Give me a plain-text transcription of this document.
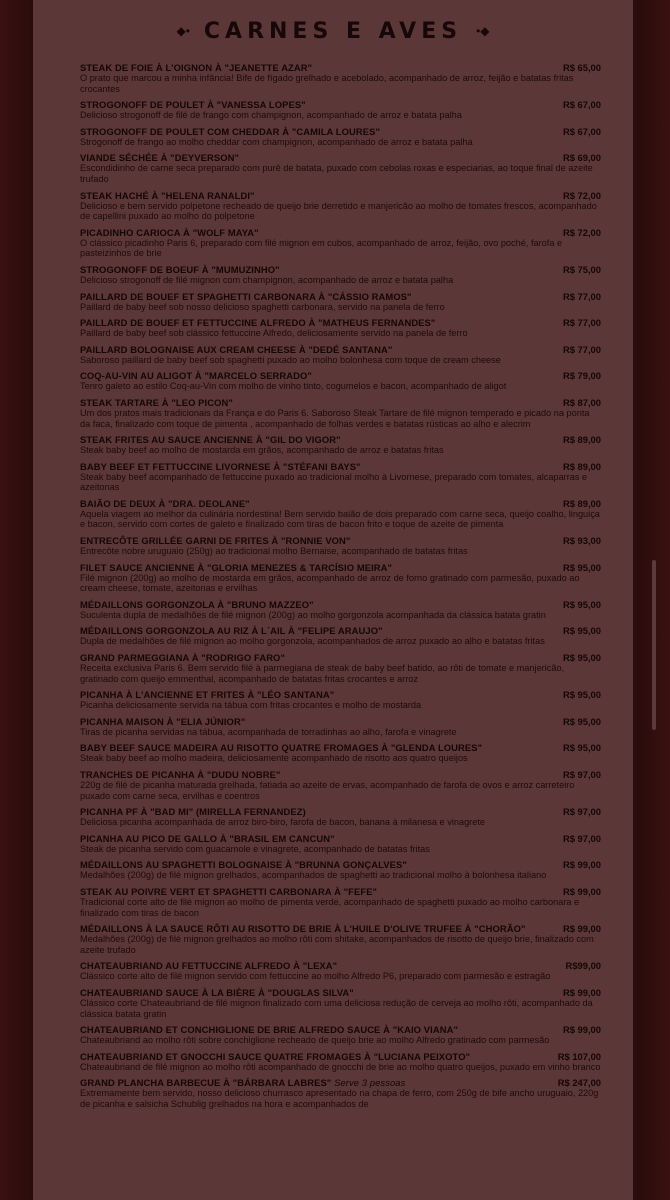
◆• CARNES E AVES •◆
STEAK DE FOIE À L'OIGNON À "JEANETTE AZAR"	R$ 65,00
O prato que marcou a minha infância! Bife de fígado grelhado e acebolado, acompanhado de arroz, feijão e batatas fritas crocantes
STROGONOFF DE POULET À "VANESSA LOPES"	R$ 67,00
Delicioso strogonoff de filé de frango com champignon, acompanhado de arroz e batata palha
STROGONOFF DE POULET COM CHEDDAR À "CAMILA LOURES"	R$ 67,00
Strogonoff de frango ao molho cheddar com champignon, acompanhado de arroz e batata palha
VIANDE SÉCHÉE À "DEYVERSON"	R$ 69,00
Escondidinho de carne seca preparado com purê de batata, puxado com cebolas roxas e especiarias, ao toque final de azeite trufado
STEAK HACHÉ À "HELENA RANALDI"	R$ 72,00
Delicioso e bem servido polpetone recheado de queijo brie derretido e manjericão ao molho de tomates frescos, acompanhado de capellini puxado ao molho do polpetone
PICADINHO CARIOCA À "WOLF MAYA"	R$ 72,00
O clássico picadinho Paris 6, preparado com filé mignon em cubos, acompanhado de arroz, feijão, ovo poché, farofa e pasteizinhos de brie
STROGONOFF DE BOEUF À "MUMUZINHO"	R$ 75,00
Delicioso strogonoff de filé mignon com champignon, acompanhado de arroz e batata palha
PAILLARD DE BOUEF ET SPAGHETTI CARBONARA À "CÁSSIO RAMOS"	R$ 77,00
Paillard de baby beef sob nosso delicioso spaghetti carbonara, servido na panela de ferro
PAILLARD DE BOUEF ET FETTUCCINE ALFREDO À "MATHEUS FERNANDES"	R$ 77,00
Paillard de baby beef sob clássico fettuccine Alfredo, deliciosamente servido na panela de ferro
PAILLARD BOLOGNAISE AUX CREAM CHEESE À "DEDÉ SANTANA"	R$ 77,00
Saboroso paillard de baby beef sob spaghetti puxado ao molho bolonhesa com toque de cream cheese
COQ-AU-VIN AU ALIGOT À "MARCELO SERRADO"	R$ 79,00
Tenro galeto ao estilo Coq-au-Vin com molho de vinho tinto, cogumelos e bacon, acompanhado de aligot
STEAK TARTARE À "LEO PICON"	R$ 87,00
Um dos pratos mais tradicionais da França e do Paris 6. Saboroso Steak Tartare de filé mignon temperado e picado na ponta da faca, finalizado com toque de pimenta , acompanhado de folhas verdes e batatas rústicas ao alho e alecrim
STEAK FRITES AU SAUCE ANCIENNE À "GIL DO VIGOR"	R$ 89,00
Steak baby beef ao molho de mostarda em grãos, acompanhado de arroz e batatas fritas
BABY BEEF ET FETTUCCINE LIVORNESE À "STÉFANI BAYS"	R$ 89,00
Steak baby beef acompanhado de fettuccine puxado ao tradicional molho à Livornese, preparado com tomates, alcaparras e azeitonas
BAIÃO DE DEUX À "DRA. DEOLANE"	R$ 89,00
Aquela viagem ao melhor da culinária nordestina! Bem servido baião de dois preparado com carne seca, queijo coalho, linguiça e bacon, servido com cortes de galeto e finalizado com tiras de bacon frito e toque de azeite de pimenta
ENTRECÔTE GRILLÉE GARNI DE FRITES À "RONNIE VON"	R$ 93,00
Entrecôte nobre uruguaio (250g) ao tradicional molho Bernaise, acompanhado de batatas fritas
FILET SAUCE ANCIENNE À "GLORIA MENEZES & TARCÍSIO MEIRA"	R$ 95,00
Filé mignon (200g) ao molho de mostarda em grãos, acompanhado de arroz de forno gratinado com parmesão, puxado ao cream cheese, tomate, azeitonas e ervilhas
MÉDAILLONS GORGONZOLA À "BRUNO MAZZEO"	R$ 95,00
Suculenta dupla de medalhões de filé mignon (200g) ao molho gorgonzola acompanhada da clássica batata gratin
MÉDAILLONS GORGONZOLA AU RIZ À L´AIL À "FELIPE ARAUJO"	R$ 95,00
Dupla de medalhões de filé mignon ao molho gorgonzola, acompanhados de arroz puxado ao alho e batatas fritas
GRAND PARMEGGIANA À "RODRIGO FARO"	R$ 95,00
Receita exclusiva Paris 6. Bem servido filé à parmegiana de steak de baby beef batido, ao rôti de tomate e manjericão, gratinado com queijo emmenthal, acompanhado de batatas fritas crocantes e arroz
PICANHA À L'ANCIENNE ET FRITES À "LÉO SANTANA"	R$ 95,00
Picanha deliciosamente servida na tábua com fritas crocantes e molho de mostarda
PICANHA MAISON À "ELIA JÚNIOR"	R$ 95,00
Tiras de picanha servidas na tábua, acompanhada de torradinhas ao alho, farofa e vinagrete
BABY BEEF SAUCE MADEIRA AU RISOTTO QUATRE FROMAGES À "GLENDA LOURES"	R$ 95,00
Steak baby beef ao molho madeira, deliciosamente acompanhado de risotto aos quatro queijos
TRANCHES DE PICANHA À "DUDU NOBRE"	R$ 97,00
220g de filé de picanha maturada grelhada, fatiada ao azeite de ervas, acompanhado de farofa de ovos e arroz carreteiro puxado com carne seca, ervilhas e coentros
PICANHA PF À "BAD MI" (MIRELLA FERNANDEZ)	R$ 97,00
Deliciosa picanha acompanhada de arroz biro-biro, farofa de bacon, banana à milanesa e vinagrete
PICANHA AU PICO DE GALLO À "BRASIL EM CANCUN"	R$ 97,00
Steak de picanha servido com guacamole e vinagrete, acompanhado de batatas fritas
MÉDAILLONS AU SPAGHETTI BOLOGNAISE À "BRUNNA GONÇALVES"	R$ 99,00
Medalhões (200g) de filé mignon grelhados, acompanhados de spaghetti ao tradicional molho à bolonhesa italiano
STEAK AU POIVRE VERT ET SPAGHETTI CARBONARA À "FEFE"	R$ 99,00
Tradicional corte alto de filé mignon ao molho de pimenta verde, acompanhado de spaghetti puxado ao molho carbonara e finalizado com tiras de bacon
MÉDAILLONS À LA SAUCE RÔTI AU RISOTTO DE BRIE À L'HUILE D'OLIVE TRUFEE À "CHORÃO"	R$ 99,00
Medalhões (200g) de filé mignon grelhados ao molho rôti com shitake, acompanhados de risotto de queijo brie, finalizado com azeite trufado
CHATEAUBRIAND AU FETTUCCINE ALFREDO À "LEXA"	R$99,00
Clássico corte alto de filé mignon servido com fettuccine ao molho Alfredo P6, preparado com parmesão e estragão
CHATEAUBRIAND SAUCE À LA BIÈRE À "DOUGLAS SILVA"	R$ 99,00
Clássico corte Chateaubriand de filé mignon finalizado com uma deliciosa redução de cerveja ao molho rôti, acompanhado da clássica batata gratin
CHATEAUBRIAND ET CONCHIGLIONE DE BRIE ALFREDO SAUCE À "KAIO VIANA"	R$ 99,00
Chateaubriand ao molho rôti sobre conchiglione recheado de queijo brie ao molho Alfredo gratinado com parmesão
CHATEAUBRIAND ET GNOCCHI SAUCE QUATRE FROMAGES À "LUCIANA PEIXOTO"	R$ 107,00
Chateaubriand de filé mignon ao molho rôti acompanhado de gnocchi de brie ao molho quatro queijos, puxado em vinho branco
GRAND PLANCHA BARBECUE À "BÁRBARA LABRES" Serve 3 pessoas	R$ 247,00
Extremamente bem servido, nosso delicioso churrasco apresentado na chapa de ferro, com 250g de bife ancho uruguaio, 220g de picanha e salsicha Schublig grelhados na hora e acompanhados de
